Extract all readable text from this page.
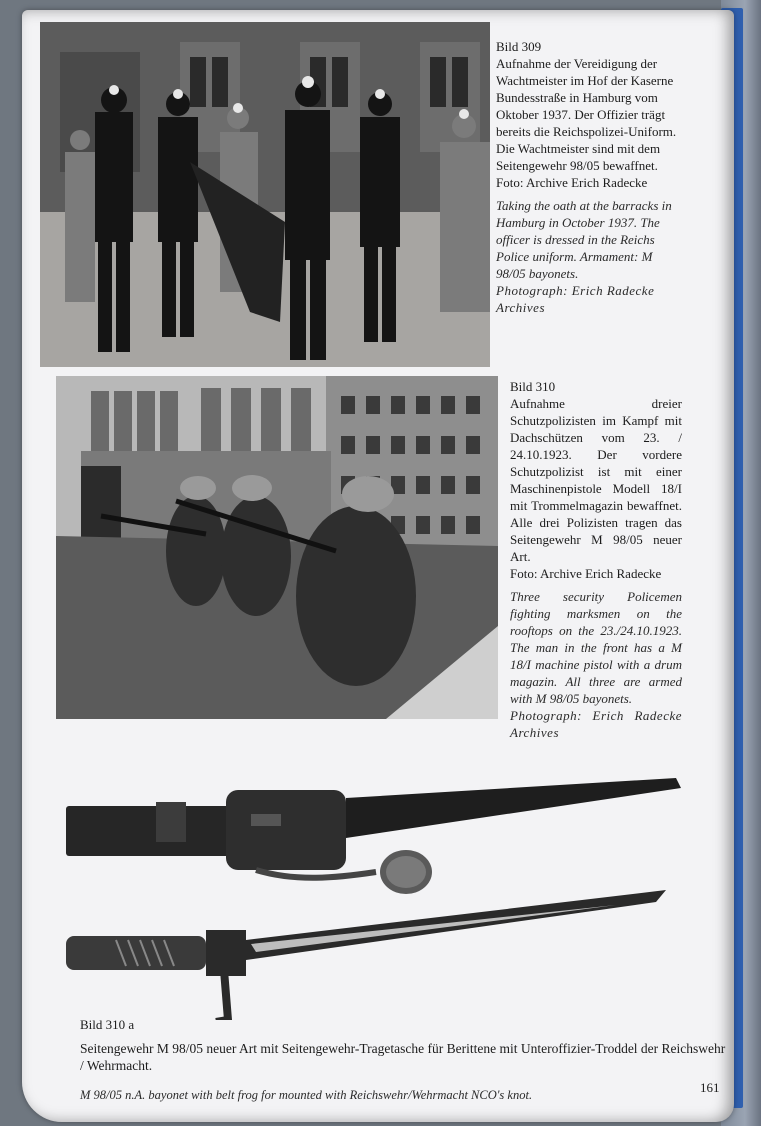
Bild 309

Aufnahme der Vereidigung der Wachtmeister im Hof der Kaserne Bundesstraße in Hamburg vom Oktober 1937. Der Offizier trägt bereits die Reichspolizei-Uniform. Die Wachtmeister sind mit dem Seitengewehr 98/05 bewaffnet.

Foto: Archive Erich Radecke

Taking the oath at the barracks in Hamburg in October 1937. The officer is dressed in the Reichs Police uniform. Armament: M 98/05 bayonets.

Photograph: Erich Radecke Archives

Bild 310

Aufnahme dreier Schutzpolizisten im Kampf mit Dachschützen vom 23. / 24.10.1923. Der vordere Schutzpolizist ist mit einer Maschinenpistole Modell 18/I mit Trommelmagazin bewaffnet. Alle drei Polizisten tragen das Seitengewehr M 98/05 neuer Art.

Foto: Archive Erich Radecke

Three security Policemen fighting marksmen on the rooftops on the 23./24.10.1923. The man in the front has a M 18/I machine pistol with a drum magazin. All three are armed with M 98/05 bayonets.

Photograph: Erich Radecke Archives

Bild 310 a
Seitengewehr M 98/05 neuer Art mit Seitengewehr-Tragetasche für Berittene mit Unteroffizier-Troddel der Reichswehr / Wehrmacht.
M 98/05 n.A. bayonet with belt frog for mounted with Reichswehr/Wehrmacht NCO's knot.	161
